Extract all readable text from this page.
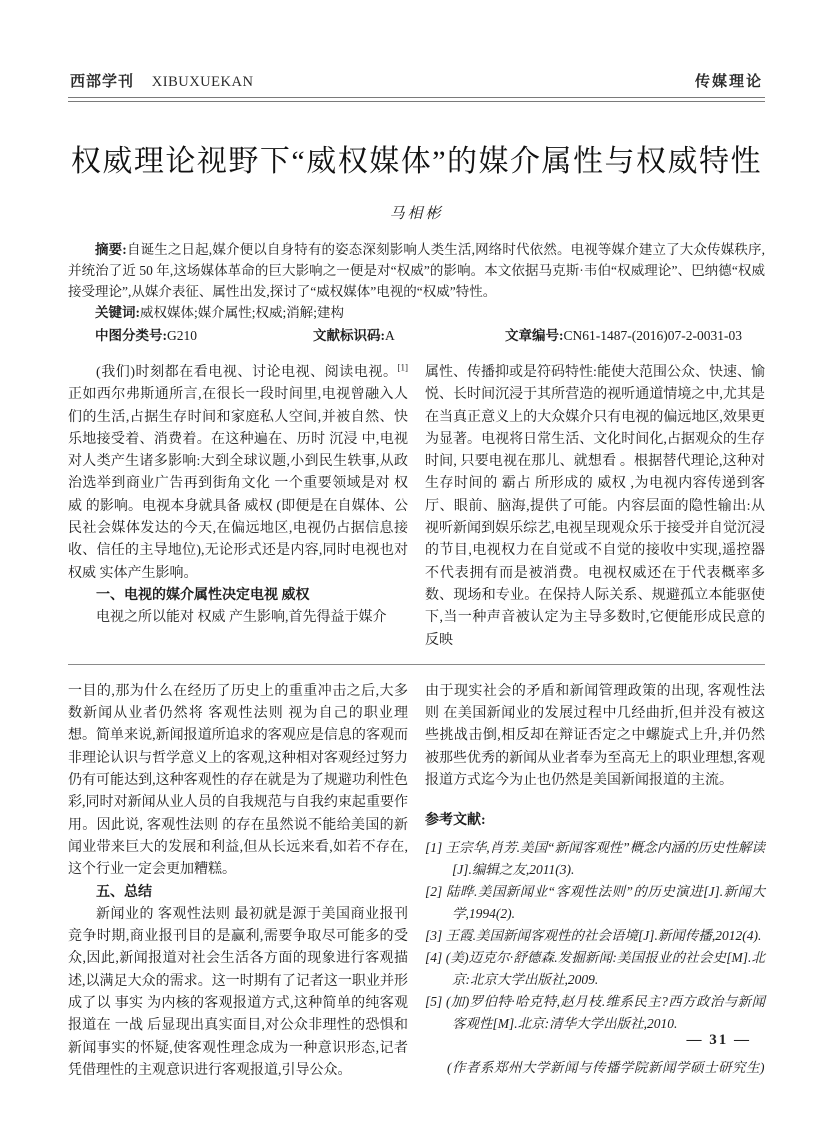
西部学刊 XIBUXUEKAN	传媒理论
权威理论视野下“威权媒体”的媒介属性与权威特性
马相彬

摘要:自诞生之日起,媒介便以自身特有的姿态深刻影响人类生活,网络时代依然。电视等媒介建立了大众传媒秩序,并统治了近 50 年,这场媒体革命的巨大影响之一便是对“权威”的影响。本文依据马克斯·韦伯“权威理论”、巴纳德“权威接受理论”,从媒介表征、属性出发,探讨了“威权媒体”电视的“权威”特性。

关键词:威权媒体;媒介属性;权威;消解;建构

中图分类号:G210	文献标识码:A	文章编号:CN61-1487-(2016)07-2-0031-03

(我们)时刻都在看电视、讨论电视、阅读电视。[1]正如西尔弗斯通所言,在很长一段时间里,电视曾融入人们的生活,占据生存时间和家庭私人空间,并被自然、快乐地接受着、消费着。在这种遍在、历时 沉浸 中,电视对人类产生诸多影响:大到全球议题,小到民生轶事,从政治选举到商业广告再到街角文化 一个重要领域是对 权威 的影响。电视本身就具备 威权 (即便是在自媒体、公民社会媒体发达的今天,在偏远地区,电视仍占据信息接收、信任的主导地位),无论形式还是内容,同时电视也对 权威 实体产生影响。

一、电视的媒介属性决定电视 威权

电视之所以能对 权威 产生影响,首先得益于媒介

属性、传播抑或是符码特性:能使大范围公众、快速、愉悦、长时间沉浸于其所营造的视听通道情境之中,尤其是在当真正意义上的大众媒介只有电视的偏远地区,效果更为显著。电视将日常生活、文化时间化,占据观众的生存时间, 只要电视在那儿、就想看 。根据替代理论,这种对生存时间的 霸占 所形成的 威权 ,为电视内容传递到客厅、眼前、脑海,提供了可能。内容层面的隐性输出:从视听新闻到娱乐综艺,电视呈现观众乐于接受并自觉沉浸的节目,电视权力在自觉或不自觉的接收中实现,遥控器不代表拥有而是被消费。电视权威还在于代表概率多数、现场和专业。在保持人际关系、规避孤立本能驱使下,当一种声音被认定为主导多数时,它便能形成民意的反映

一目的,那为什么在经历了历史上的重重冲击之后,大多数新闻从业者仍然将 客观性法则 视为自己的职业理想。简单来说,新闻报道所追求的客观应是信息的客观而非理论认识与哲学意义上的客观,这种相对客观经过努力仍有可能达到,这种客观性的存在就是为了规避功利性色彩,同时对新闻从业人员的自我规范与自我约束起重要作用。因此说, 客观性法则 的存在虽然说不能给美国的新闻业带来巨大的发展和利益,但从长远来看,如若不存在,这个行业一定会更加糟糕。

五、总结

新闻业的 客观性法则 最初就是源于美国商业报刊竞争时期,商业报刊目的是赢利,需要争取尽可能多的受众,因此,新闻报道对社会生活各方面的现象进行客观描述,以满足大众的需求。这一时期有了记者这一职业并形成了以 事实 为内核的客观报道方式,这种简单的纯客观报道在 一战 后显现出真实面目,对公众非理性的恐惧和新闻事实的怀疑,使客观性理念成为一种意识形态,记者凭借理性的主观意识进行客观报道,引导公众。

由于现实社会的矛盾和新闻管理政策的出现, 客观性法则 在美国新闻业的发展过程中几经曲折,但并没有被这些挑战击倒,相反却在辩证否定之中螺旋式上升,并仍然被那些优秀的新闻从业者奉为至高无上的职业理想,客观报道方式迄今为止也仍然是美国新闻报道的主流。

参考文献:

[1] 王宗华,肖芳.美国“新闻客观性”概念内涵的历史性解读[J].编辑之友,2011(3).

[2] 陆晔.美国新闻业“客观性法则”的历史演进[J].新闻大学,1994(2).

[3] 王霞.美国新闻客观性的社会语境[J].新闻传播,2012(4).

[4] (美)迈克尔·舒德森.发掘新闻:美国报业的社会史[M].北京:北京大学出版社,2009.

[5] (加)罗伯特·哈克特,赵月枝.维系民主?西方政治与新闻客观性[M].北京:清华大学出版社,2010.

(作者系郑州大学新闻与传播学院新闻学硕士研究生)

— 31 —
